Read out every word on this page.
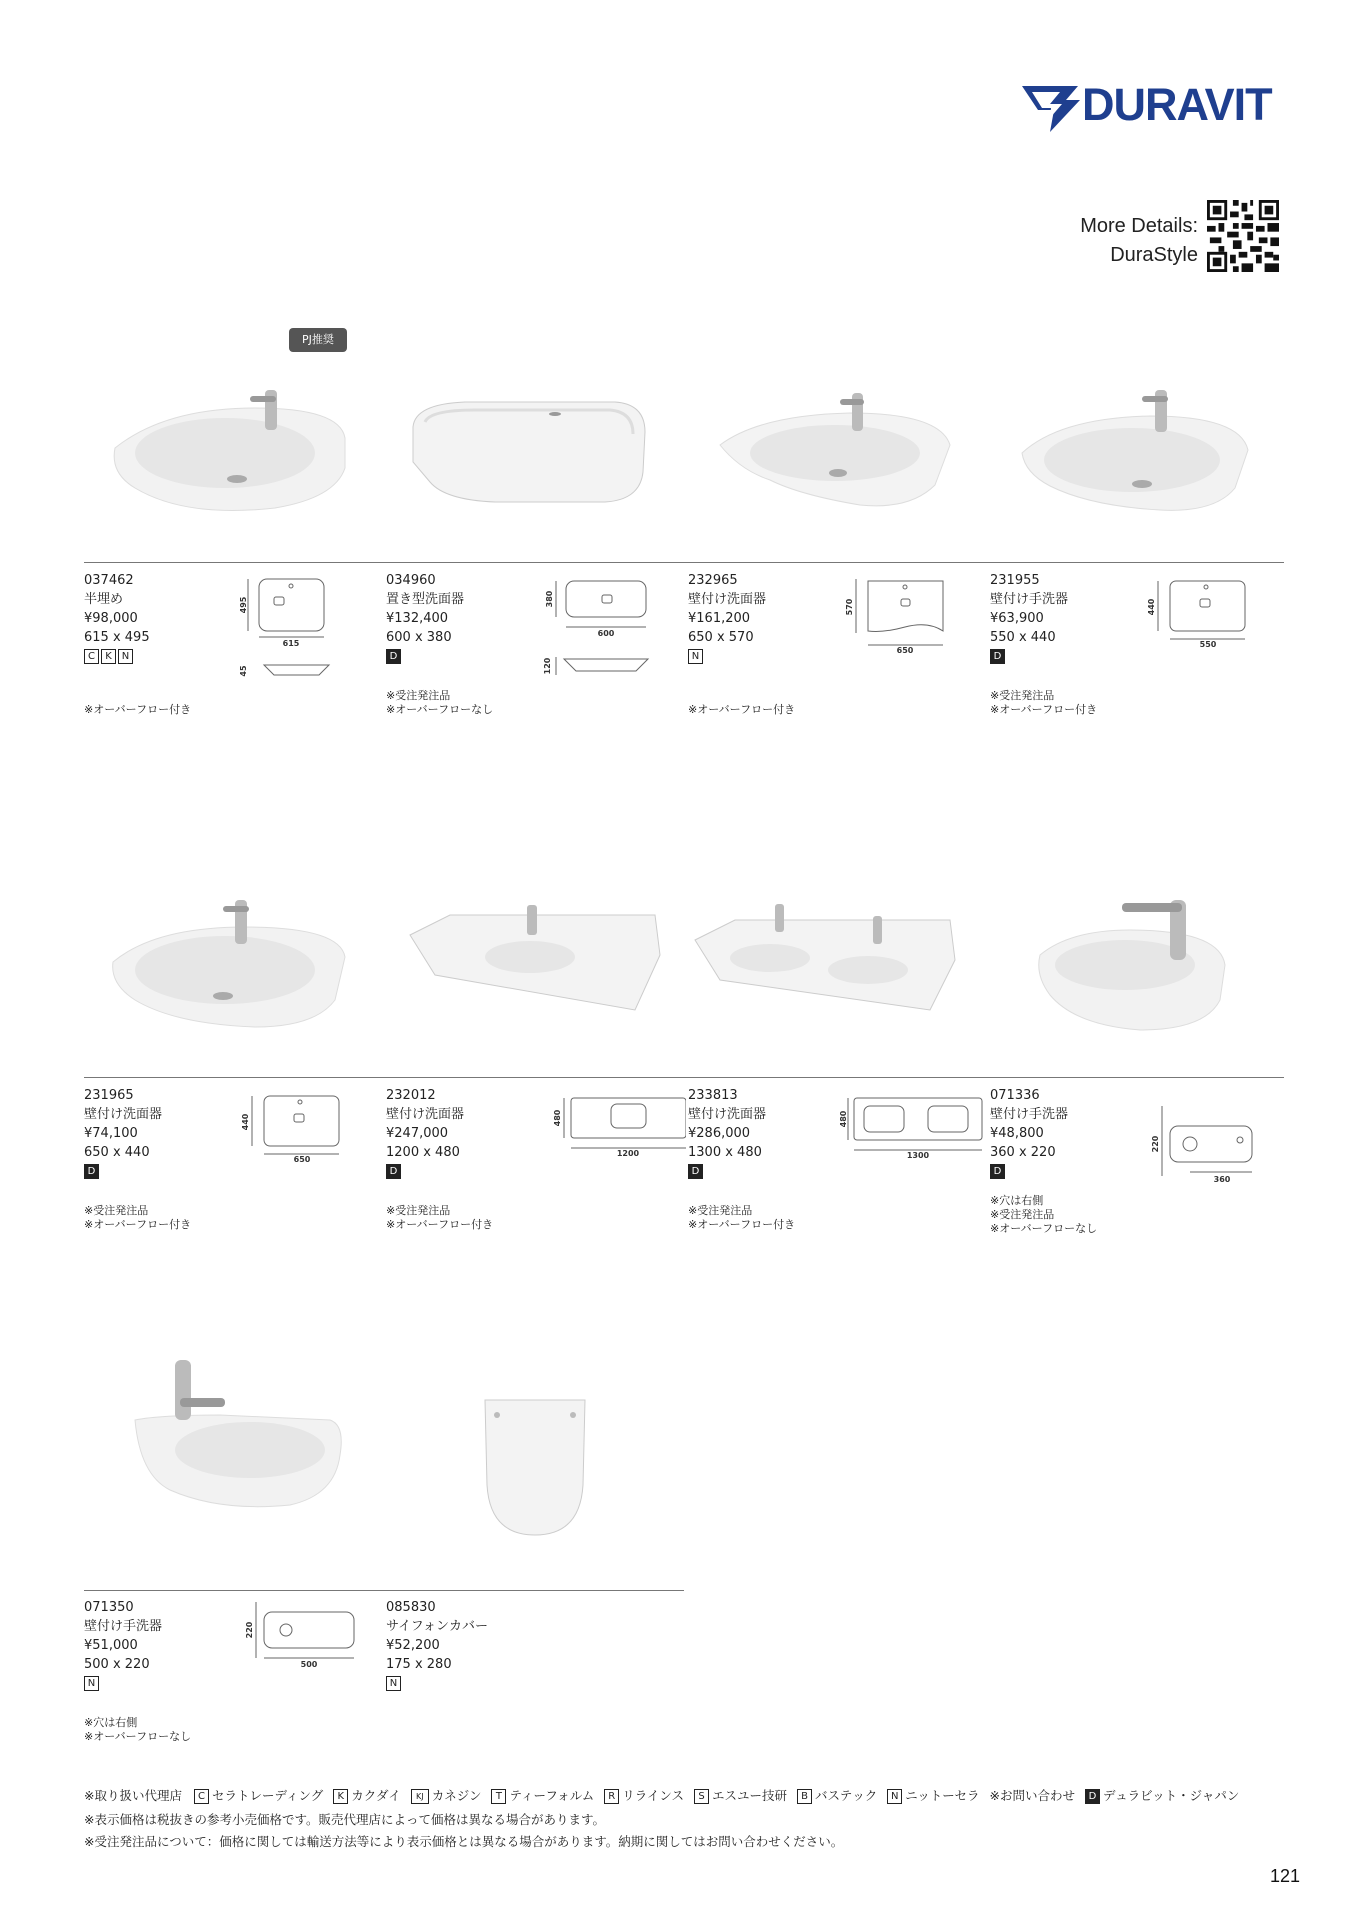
DURAVIT
More Details:
DuraStyle
PJ推奨
037462
半埋め
¥98,000
615 x 495
C	K N
※オーバーフロー付き
495
615
45
034960
置き型洗面器
¥132,400
600 x 380
D
※受注発注品
※オーバーフローなし
380
600
120
232965
壁付け洗面器
¥161,200
650 x 570
N
※オーバーフロー付き
570
650
231955
壁付け手洗器
¥63,900
550 x 440
D
※受注発注品
※オーバーフロー付き
440
550
231965
壁付け洗面器
¥74,100
650 x 440
D
※受注発注品
※オーバーフロー付き
440
650
232012
壁付け洗面器
¥247,000
1200 x 480
D
※受注発注品
※オーバーフロー付き
480
1200
233813
壁付け洗面器
¥286,000
1300 x 480
D
※受注発注品
※オーバーフロー付き
480
1300
071336
壁付け手洗器
¥48,800
360 x 220
D
※穴は右側
※受注発注品
※オーバーフローなし
220
360
071350
壁付け手洗器
¥51,000
500 x 220
N
※穴は右側
※オーバーフローなし
220
500
085830
サイフォンカバー
¥52,200
175 x 280
N
※取り扱い代理店	C セラトレーディング	K カクダイ	KJ カネジン	T ティーフォルム	R リラインス	S エスユー技研	B バステック	N ニットーセラ ※お問い合わせ	D デュラビット・ジャパン
※表示価格は税抜きの参考小売価格です。販売代理店によって価格は異なる場合があります。
※受注発注品について：価格に関しては輸送方法等により表示価格とは異なる場合があります。納期に関してはお問い合わせください。
121
